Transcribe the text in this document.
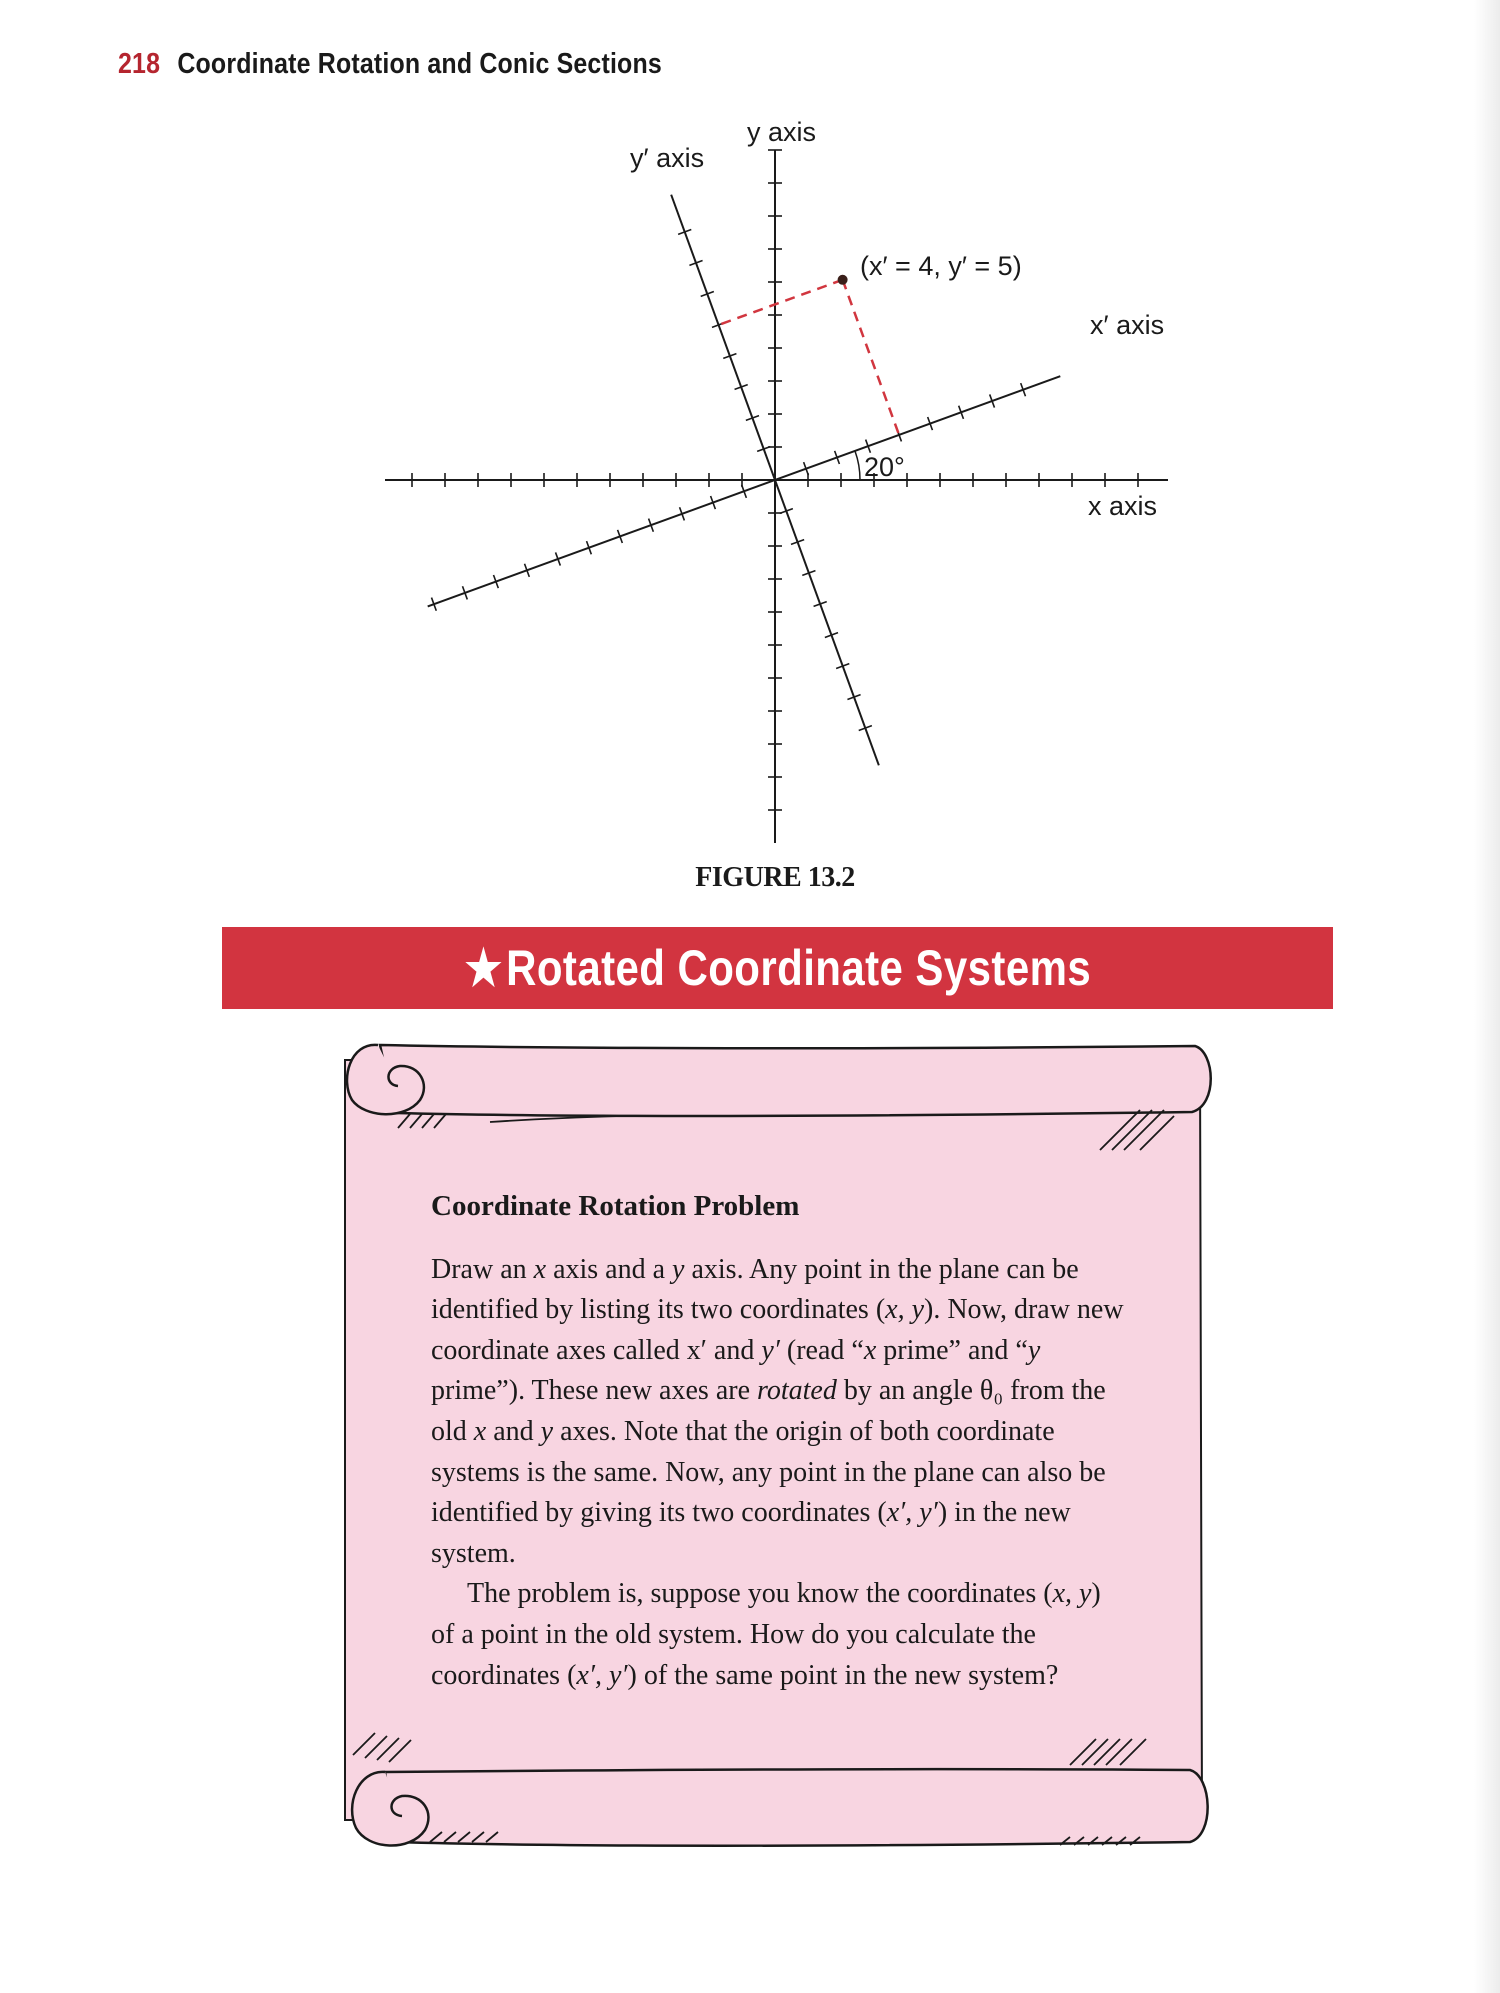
218 Coordinate Rotation and Conic Sections
y axis
y′ axis
x′ axis
x axis
(x′ = 4, y′ = 5)
20°
FIGURE 13.2
★Rotated Coordinate Systems
Coordinate Rotation Problem

Draw an x axis and a y axis. Any point in the plane can be identified by listing its two coordinates (x, y). Now, draw new coordinate axes called x′ and y′ (read “x prime” and “y prime”). These new axes are rotated by an angle θ₀ from the old x and y axes. Note that the origin of both coordinate systems is the same. Now, any point in the plane can also be identified by giving its two coordinates (x′, y′) in the new system.

The problem is, suppose you know the coordinates (x, y) of a point in the old system. How do you calculate the coordinates (x′, y′) of the same point in the new system?
